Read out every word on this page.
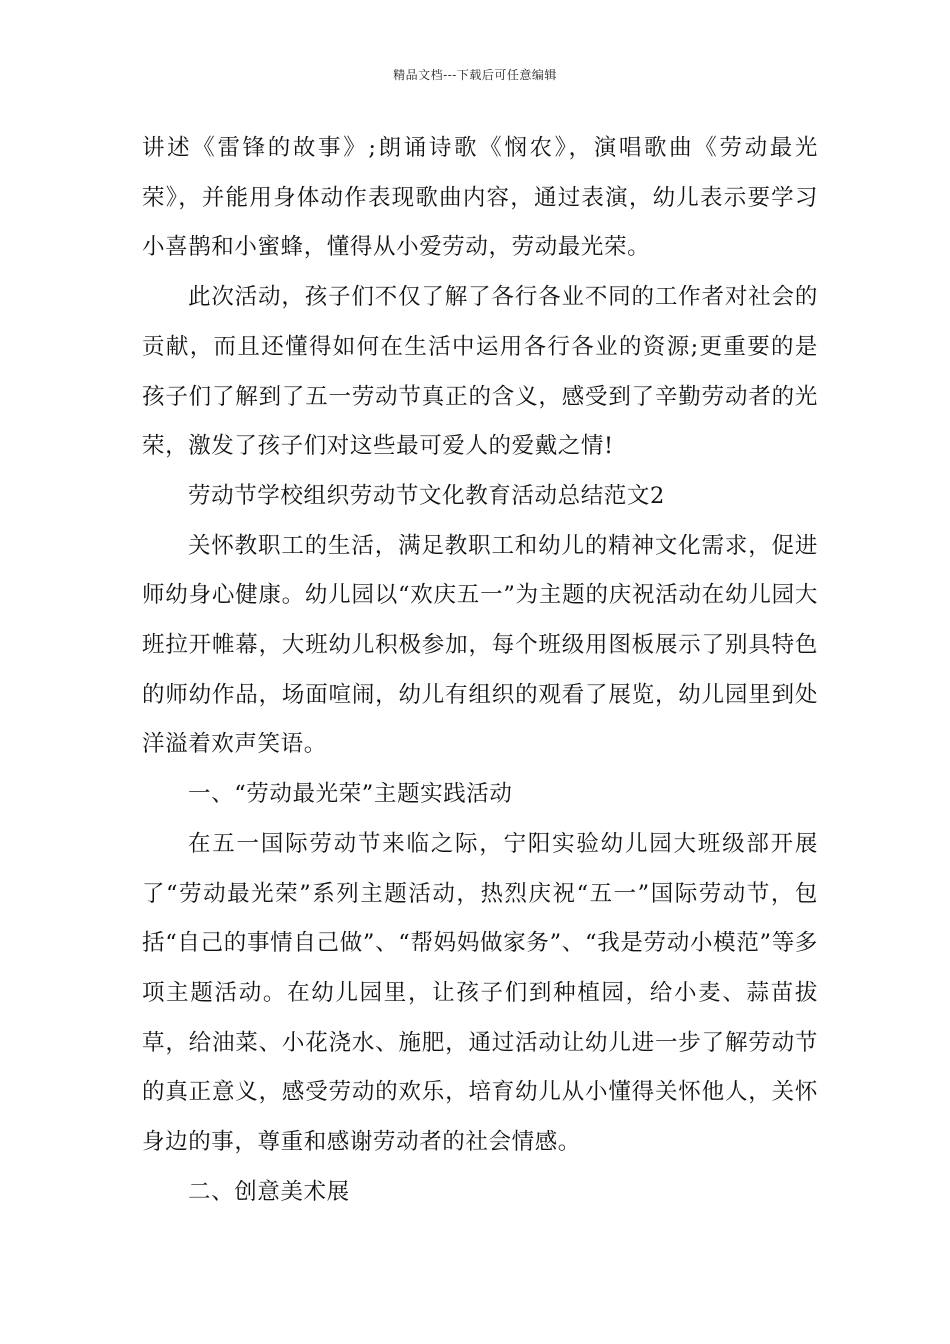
精品文档---下载后可任意编辑

讲述《雷锋的故事》;朗诵诗歌《悯农》，演唱歌曲《劳动最光荣》，并能用身体动作表现歌曲内容，通过表演，幼儿表示要学习小喜鹊和小蜜蜂，懂得从小爱劳动，劳动最光荣。

此次活动，孩子们不仅了解了各行各业不同的工作者对社会的贡献，而且还懂得如何在生活中运用各行各业的资源;更重要的是孩子们了解到了五一劳动节真正的含义，感受到了辛勤劳动者的光荣，激发了孩子们对这些最可爱人的爱戴之情!

劳动节学校组织劳动节文化教育活动总结范文2

关怀教职工的生活，满足教职工和幼儿的精神文化需求，促进师幼身心健康。幼儿园以“欢庆五一”为主题的庆祝活动在幼儿园大班拉开帷幕，大班幼儿积极参加，每个班级用图板展示了别具特色的师幼作品，场面喧闹，幼儿有组织的观看了展览，幼儿园里到处洋溢着欢声笑语。

一、“劳动最光荣”主题实践活动

在五一国际劳动节来临之际，宁阳实验幼儿园大班级部开展了“劳动最光荣”系列主题活动，热烈庆祝“五一”国际劳动节，包括“自己的事情自己做”、“帮妈妈做家务”、“我是劳动小模范”等多项主题活动。在幼儿园里，让孩子们到种植园，给小麦、蒜苗拔草，给油菜、小花浇水、施肥，通过活动让幼儿进一步了解劳动节的真正意义，感受劳动的欢乐，培育幼儿从小懂得关怀他人，关怀身边的事，尊重和感谢劳动者的社会情感。

二、创意美术展
